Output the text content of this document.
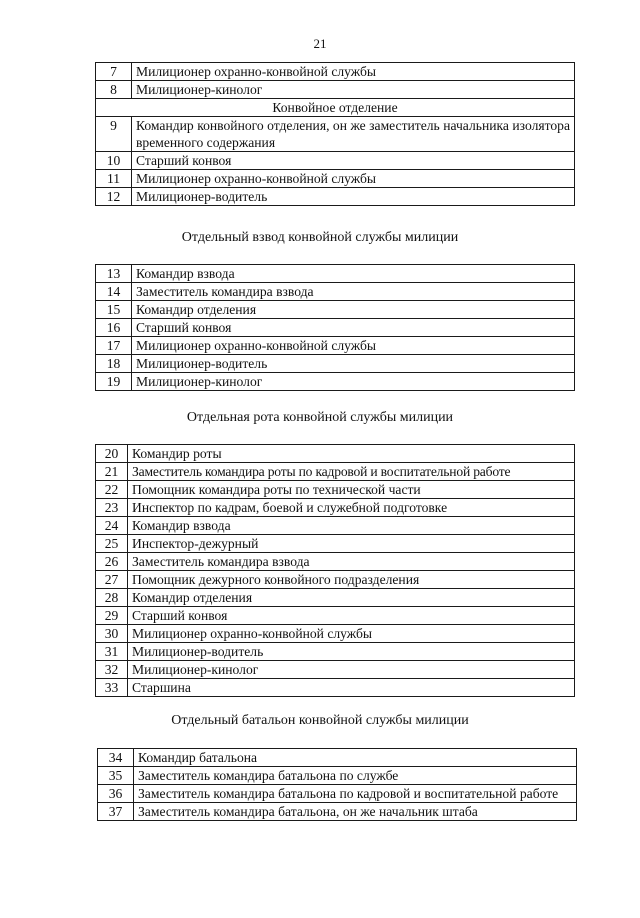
21
7	Милиционер охранно-конвойной службы
8	Милиционер-кинолог
Конвойное отделение	
9	Командир конвойного отделения, он же заместитель начальника изолятора временного содержания
10	Старший конвоя
11	Милиционер охранно-конвойной службы
12	Милиционер-водитель
Отдельный взвод конвойной службы милиции
13	Командир взвода
14	Заместитель командира взвода
15	Командир отделения
16	Старший конвоя
17	Милиционер охранно-конвойной службы
18	Милиционер-водитель
19	Милиционер-кинолог
Отдельная рота конвойной службы милиции
20	Командир роты
21	Заместитель командира роты по кадровой и воспитательной работе
22	Помощник командира роты по технической части
23	Инспектор по кадрам, боевой и служебной подготовке
24	Командир взвода
25	Инспектор-дежурный
26	Заместитель командира взвода
27	Помощник дежурного конвойного подразделения
28	Командир отделения
29	Старший конвоя
30	Милиционер охранно-конвойной службы
31	Милиционер-водитель
32	Милиционер-кинолог
33	Старшина
Отдельный батальон конвойной службы милиции
34	Командир батальона
35	Заместитель командира батальона по службе
36	Заместитель командира батальона по кадровой и воспитательной работе
37	Заместитель командира батальона, он же начальник штаба
